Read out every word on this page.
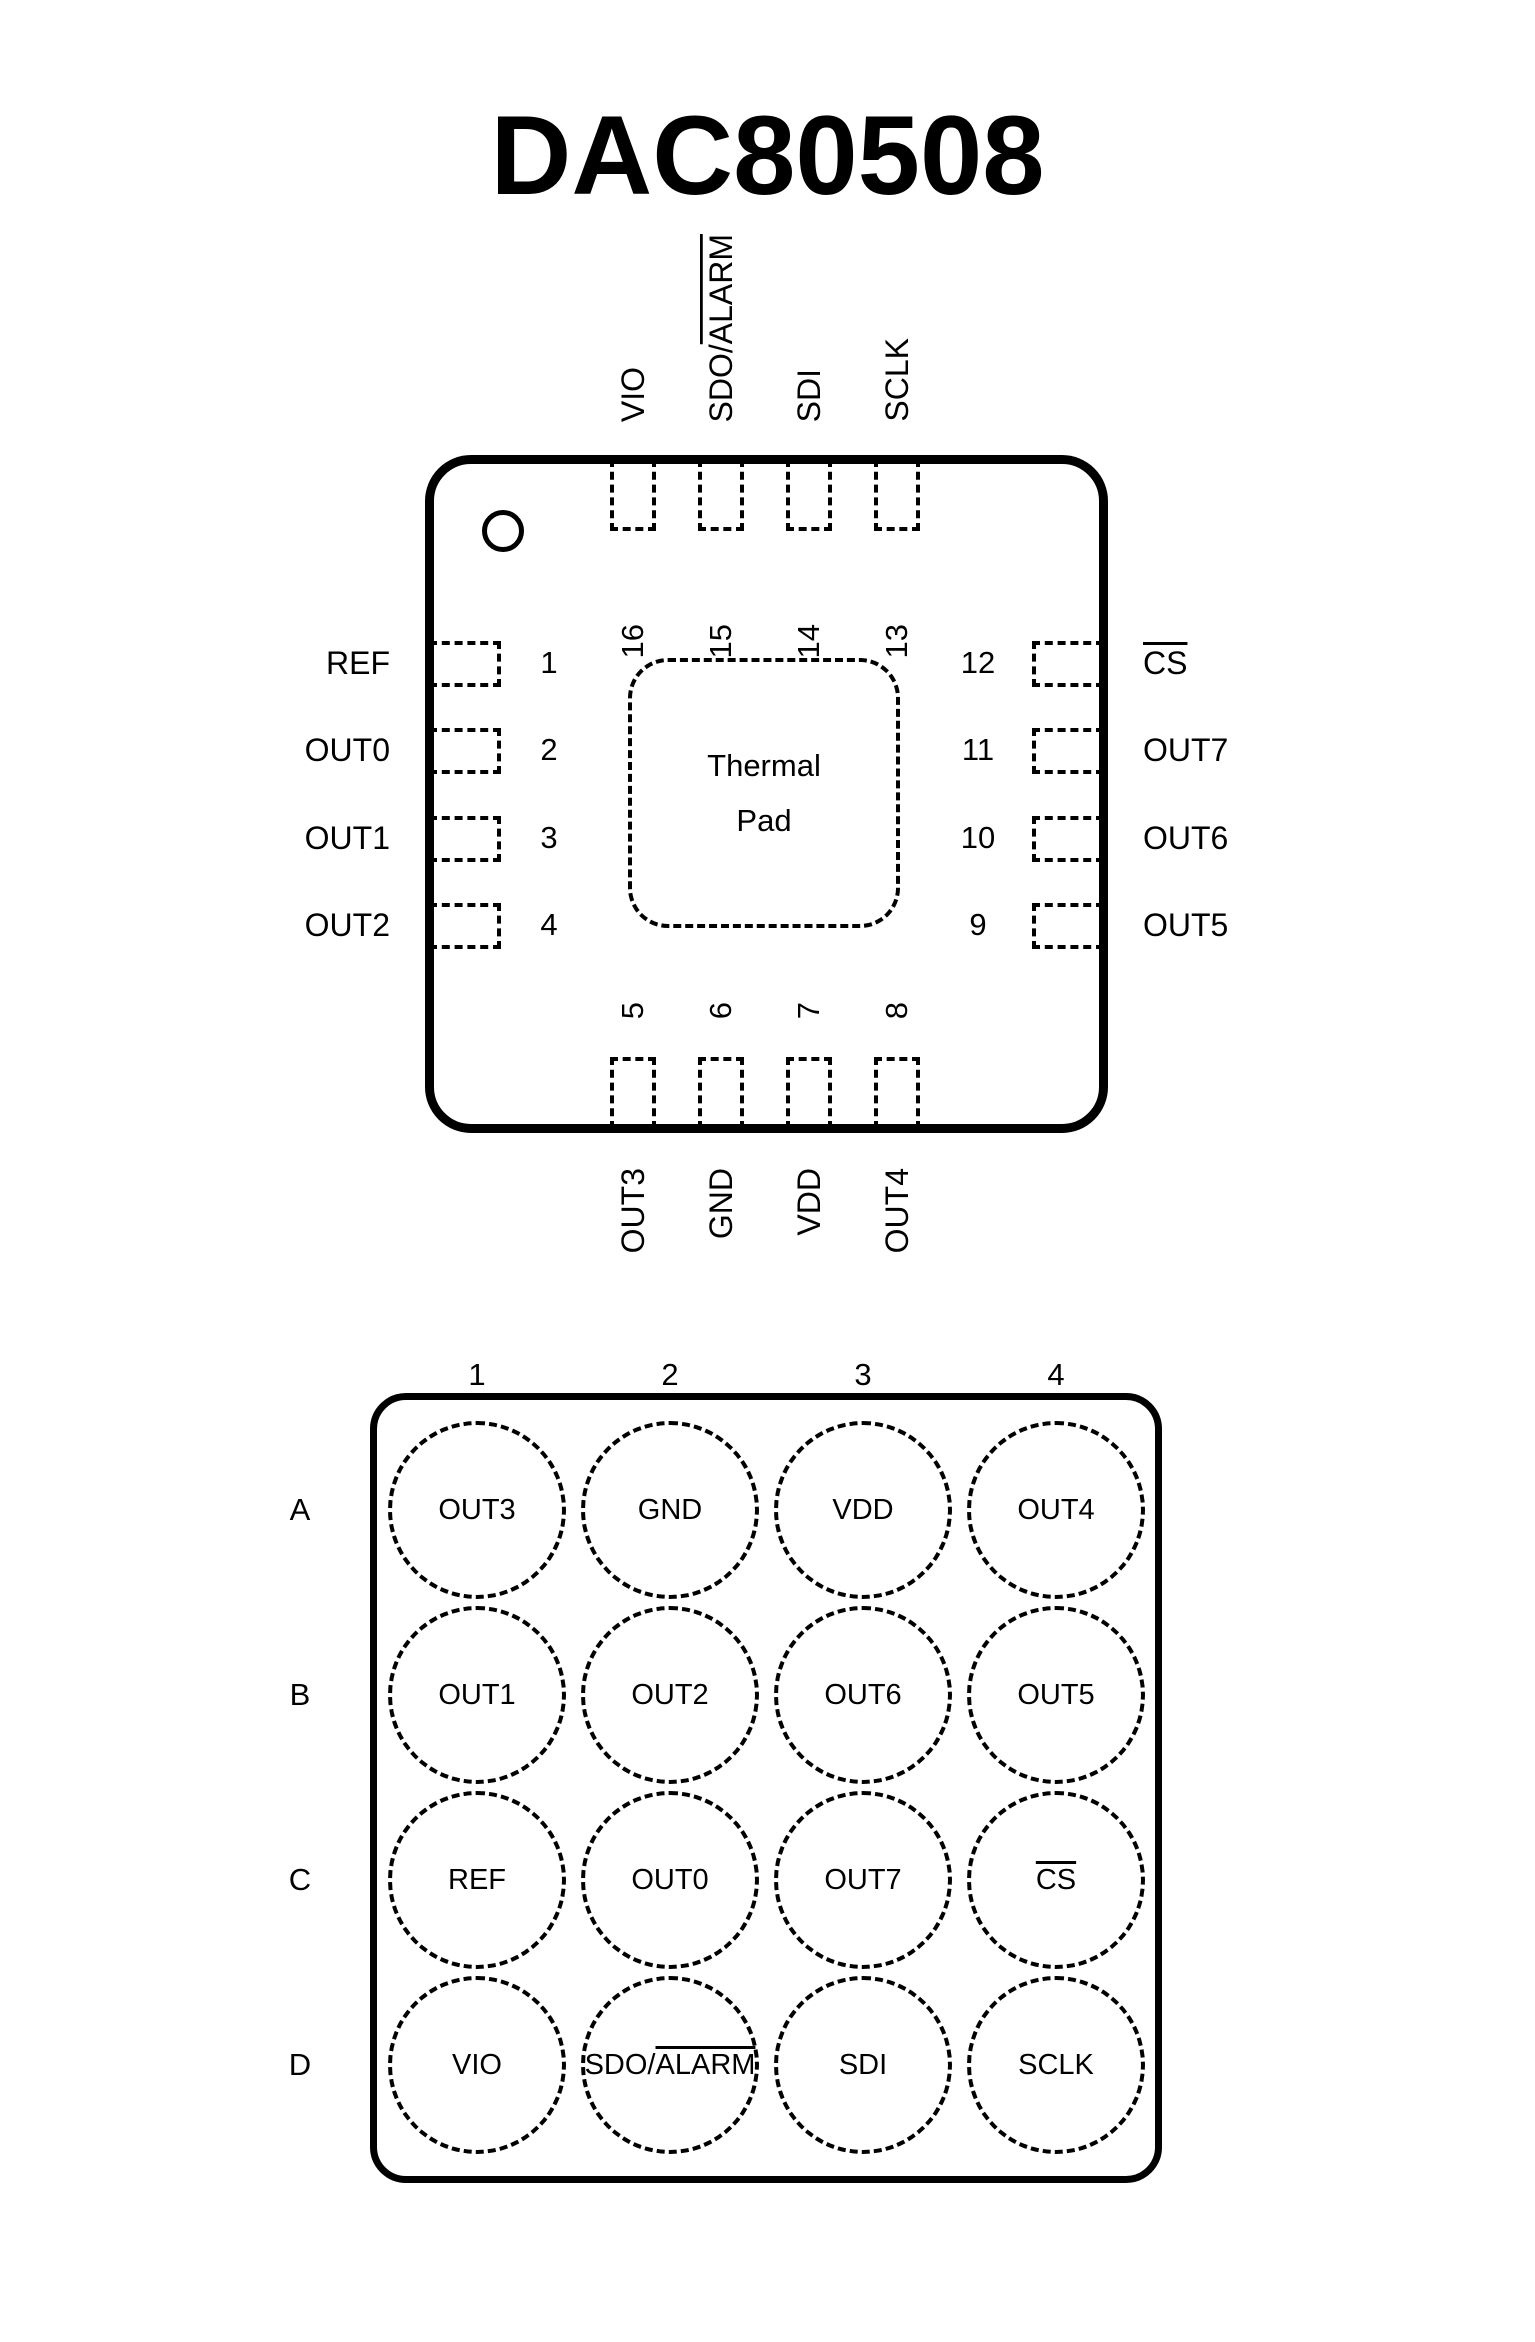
DAC80508
Thermal
Pad
16
VIO
15
SDO/ALARM
14
SDI
13
SCLK
5
OUT3
6
GND
7
VDD
8
OUT4
1
REF
2
OUT0
3
OUT1
4
OUT2
12	$\overline{CS}$
11	OUT7
10	OUT6
9	OUT5
1	2	3	4
A
B
C
D
OUT3	GND	VDD	OUT4
OUT1	OUT2	OUT6	OUT5
REF	OUT0	OUT7	$\overline{CS}$
VIO	SDO/ALARM	SDI	SCLK
